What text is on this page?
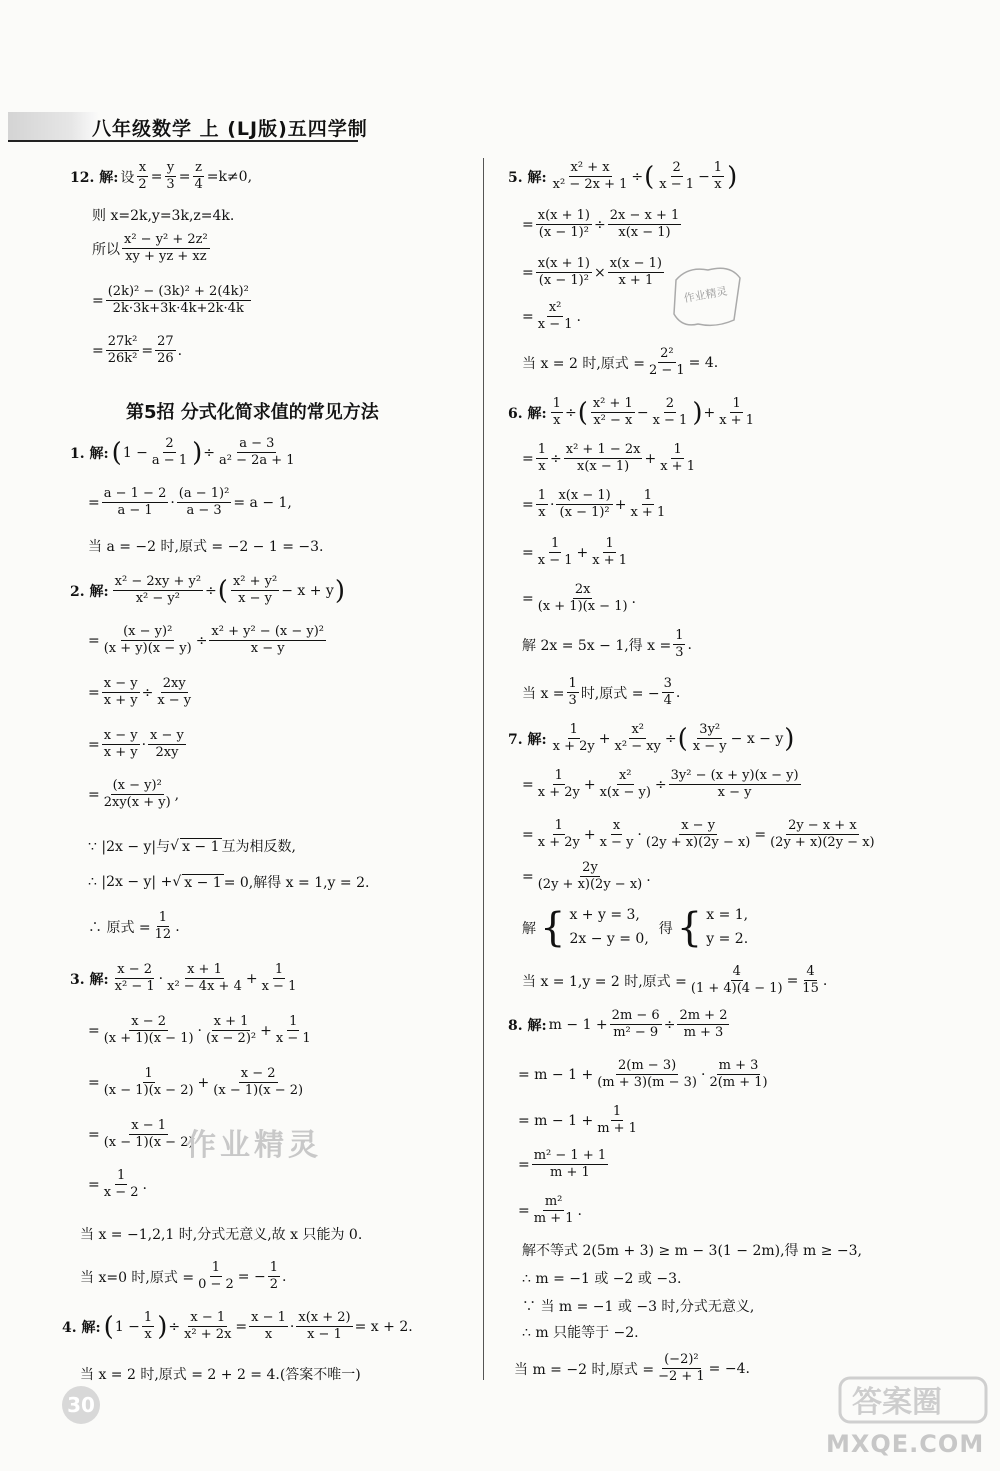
八年级数学 上 (LJ版)五四学制
12. 解: 设 $\frac{x}{2} = \frac{y}{3} = \frac{z}{4} =k\ne 0$,
则 x=2k,y=3k,z=4k.
所以 $\frac{\text{x² − y² + 2z²}}{xy + yz + xz}$
= $\frac{\text{(2k)² − (3k)² + 2(4k)²}}{2k\cdot 3k+3k\cdot 4k+2k\cdot 4k}$
= $\frac{\text{27k²}}{\text{26k²}} = \frac{27}{26}$ .
第5招 分式化简求值的常见方法
1. 解: ( $1 - \frac{2}{a - 1}$ ) ÷ $\frac{a - 3}{\text{a² − 2a + 1}}$
= $\frac{a - 1 - 2}{a - 1} \cdot \frac{\text{(a − 1)²}}{a - 3} = a - 1$,
当 a = −2 时,原式 = −2 − 1 = −3.
2. 解: $\frac{\text{x² − 2xy + y²}}{\text{x² − y²}}$ ÷ ( $\frac{\text{x² + y²}}{x - y} - x + y$ )
= $\frac{\text{(x − y)²}}{(x + y)(x - y)} \div \frac{\text{x² + y² − (x − y)²}}{x - y}$
= $\frac{x - y}{x + y} \div \frac{2xy}{x - y}$
= $\frac{x - y}{x + y} \cdot \frac{x - y}{2xy}$
= $\frac{\text{(x − y)²}}{2xy(x + y)}$ ,
∵ |2x − y|与 √ x − 1 互为相反数,
∴ |2x − y| + √ x − 1 = 0,解得 x = 1,y = 2.
∴ 原式 = $\frac{1}{12}$ .
3. 解: $\frac{x - 2}{\text{x² − 1}} \cdot \frac{x + 1}{\text{x² − 4x + 4}} + \frac{1}{x - 1}$
= $\frac{x - 2}{(x + 1)(x - 1)} \cdot \frac{x + 1}{\text{(x − 2)²}} + \frac{1}{x - 1}$
= $\frac{1}{(x - 1)(x - 2)} + \frac{x - 2}{(x - 1)(x - 2)}$
= $\frac{x - 1}{(x - 1)(x - 2)}$
作业精灵
= $\frac{1}{x - 2}$ .
当 x = −1,2,1 时,分式无意义,故 x 只能为 0.
当 x=0 时,原式 = $\frac{1}{0 - 2}$ = − $\frac{1}{2}$ .
4. 解: ( $1 - \frac{1}{x}$ ) ÷ $\frac{x - 1}{\text{x² + 2x}} = \frac{x - 1}{x} \cdot \frac{x(x + 2)}{x - 1} = x + 2$.
当 x = 2 时,原式 = 2 + 2 = 4.(答案不唯一)
30
5. 解: $\frac{\text{x² + x}}{\text{x² − 2x + 1}}$ ÷ ( $\frac{2}{x - 1} - \frac{1}{x}$ )
= $\frac{x(x + 1)}{\text{(x − 1)²}} \div \frac{2x - x + 1}{x(x - 1)}$
= $\frac{x(x + 1)}{\text{(x − 1)²}} \times \frac{x(x - 1)}{x + 1}$
作业精灵
= $\frac{\text{x²}}{x - 1}$ .
当 x = 2 时,原式 = $\frac{\text{2²}}{2 - 1} = 4$.
6. 解: $\frac{1}{x}$ ÷ ( $\frac{\text{x² + 1}}{\text{x² − x}} - \frac{2}{x - 1}$ ) + $\frac{1}{x + 1}$
= $\frac{1}{x} \div \frac{\text{x² + 1 − 2x}}{x(x - 1)} + \frac{1}{x + 1}$
= $\frac{1}{x} \cdot \frac{x(x - 1)}{\text{(x − 1)²}} + \frac{1}{x + 1}$
= $\frac{1}{x - 1} + \frac{1}{x + 1}$
= $\frac{2x}{(x + 1)(x - 1)}$ .
解 2x = 5x − 1,得 $x = \frac{1}{3}$ .
当 $x = \frac{1}{3}$ 时,原式 = − $\frac{3}{4}$ .
7. 解: $\frac{1}{x + 2y} + \frac{\text{x²}}{\text{x² − xy}}$ ÷ ( $\frac{\text{3y²}}{x - y} - x - y$ )
= $\frac{1}{x + 2y} + \frac{\text{x²}}{x(x - y)} \div \frac{\text{3y² − (x + y)(x − y)}}{x - y}$
= $\frac{1}{x + 2y} + \frac{x}{x - y} \cdot \frac{x - y}{(2y + x)(2y - x)} = \frac{2y - x + x}{(2y + x)(2y - x)}$
= $\frac{2y}{(2y + x)(2y - x)}$ .
解 { x + y = 3,
2x − y = 0,
得 { x = 1,
y = 2.
当 x = 1,y = 2 时,原式 = $\frac{4}{(1 + 4)(4 - 1)} = \frac{4}{15}$ .
8. 解: $m - 1 + \frac{2m - 6}{\text{m² − 9}} \div \frac{2m + 2}{m + 3}$
= $m - 1 + \frac{2(m - 3)}{(m + 3)(m - 3)} \cdot \frac{m + 3}{2(m + 1)}$
= $m - 1 + \frac{1}{m + 1}$
= $\frac{\text{m² − 1 + 1}}{m + 1}$
= $\frac{\text{m²}}{m + 1}$ .
解不等式 2(5m + 3) ≥ m − 3(1 − 2m),得 m ≥ −3,
∴ m = −1 或 −2 或 −3.
∵ 当 m = −1 或 −3 时,分式无意义,
∴ m 只能等于 −2.
当 m = −2 时,原式 = $\frac{\text{(−2)²}}{-2 + 1} = -4$.
答案圈
MXQE.COM
